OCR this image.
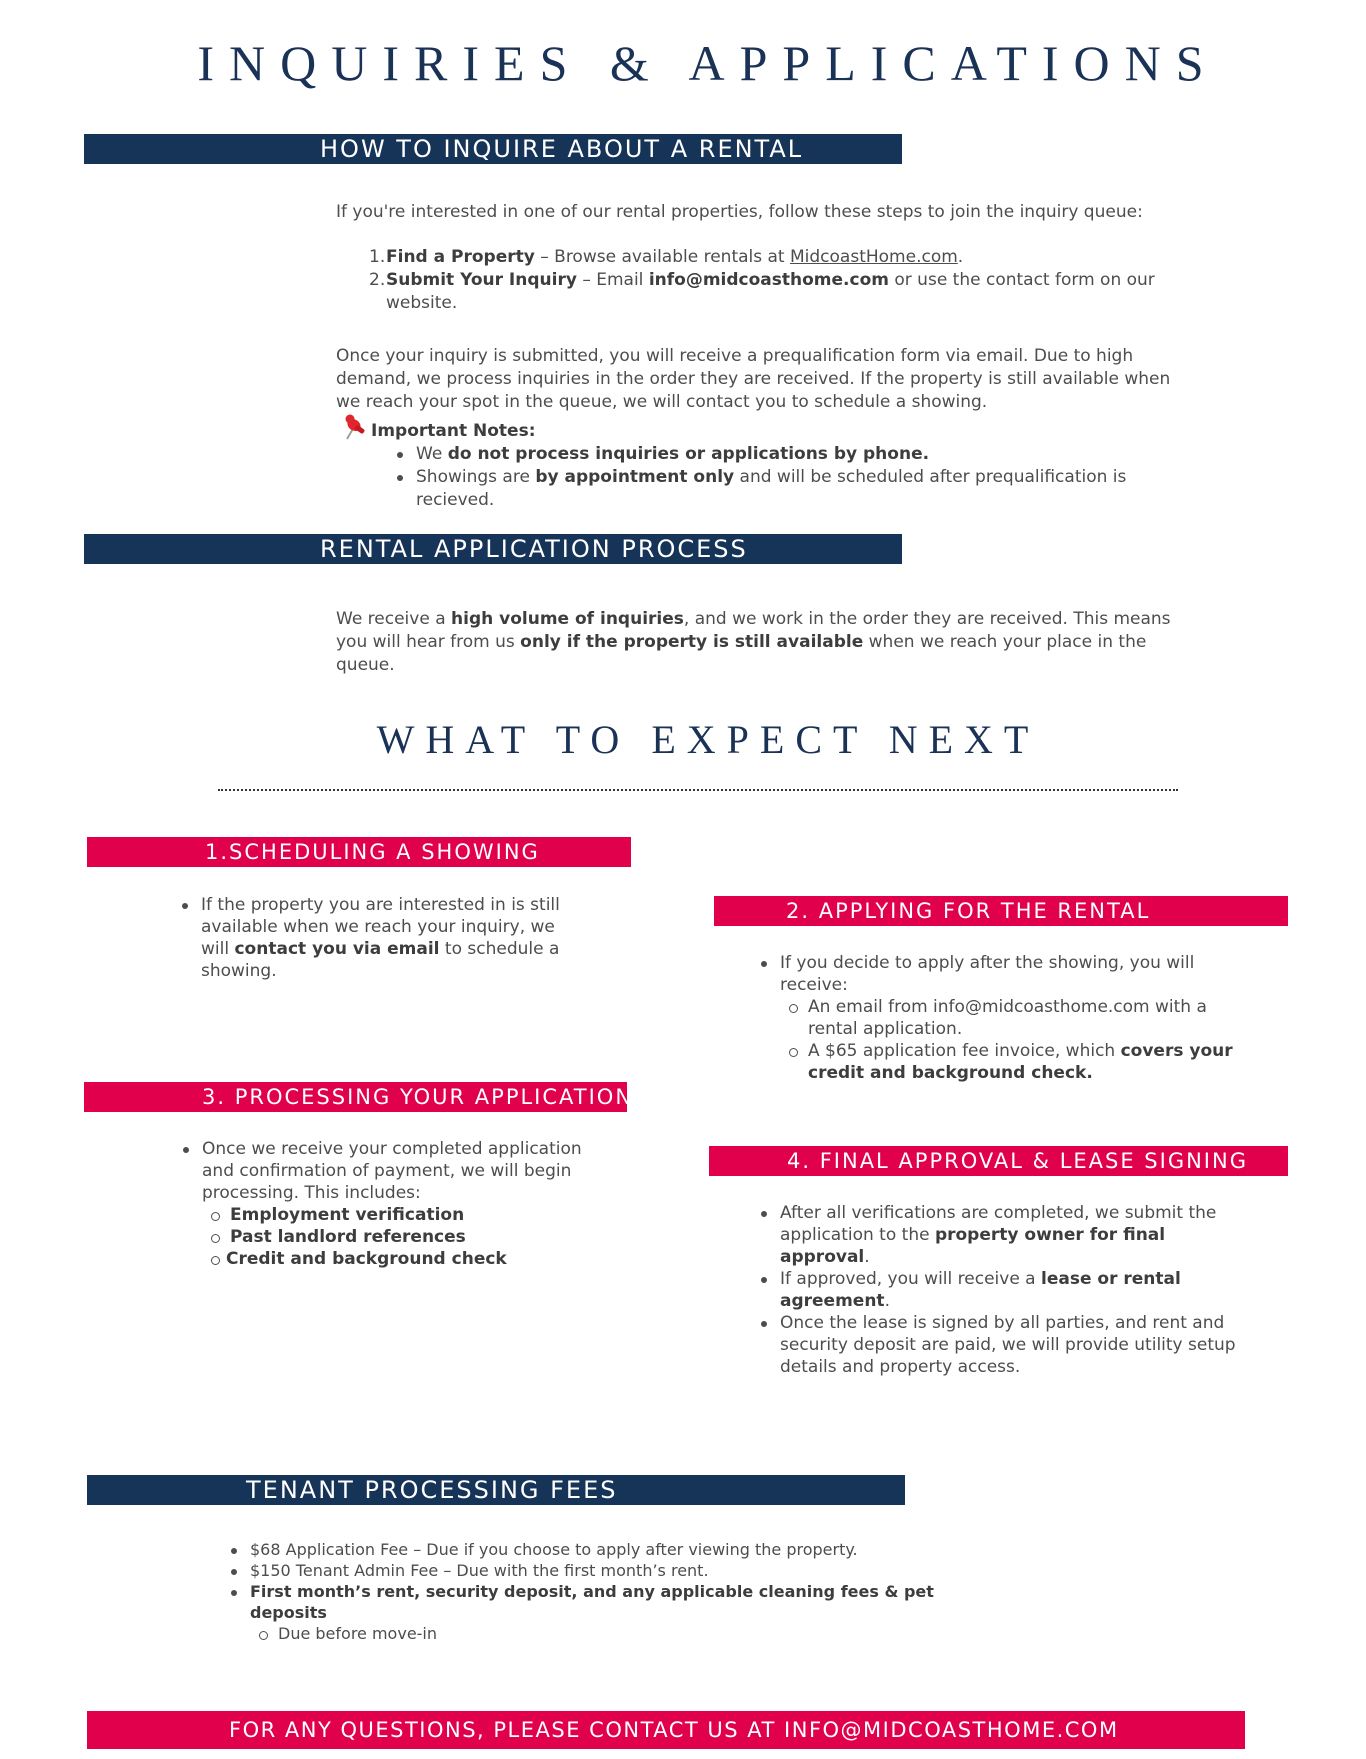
INQUIRIES & APPLICATIONS
HOW TO INQUIRE ABOUT A RENTAL

If you're interested in one of our rental properties, follow these steps to join the inquiry queue:

1. Find a Property – Browse available rentals at MidcoastHome.com.
2. Submit Your Inquiry – Email info@midcoasthome.com or use the contact form on our website.

Once your inquiry is submitted, you will receive a prequalification form via email. Due to high demand, we process inquiries in the order they are received. If the property is still available when we reach your spot in the queue, we will contact you to schedule a showing.

Important Notes:

We do not process inquiries or applications by phone.
Showings are by appointment only and will be scheduled after prequalification is recieved.
RENTAL APPLICATION PROCESS
We receive a high volume of inquiries, and we work in the order they are received. This means you will hear from us only if the property is still available when we reach your place in the queue.
WHAT TO EXPECT NEXT
1.SCHEDULING A SHOWING
If the property you are interested in is still available when we reach your inquiry, we will contact you via email to schedule a showing.
2. APPLYING FOR THE RENTAL
If you decide to apply after the showing, you will receive:
An email from info@midcoasthome.com with a rental application.
A $65 application fee invoice, which covers your credit and background check.
3. PROCESSING YOUR APPLICATION
Once we receive your completed application and confirmation of payment, we will begin processing. This includes:
Employment verification
Past landlord references
Credit and background check
4. FINAL APPROVAL & LEASE SIGNING
After all verifications are completed, we submit the application to the property owner for final approval.
If approved, you will receive a lease or rental agreement.
Once the lease is signed by all parties, and rent and security deposit are paid, we will provide utility setup details and property access.
TENANT PROCESSING FEES
$68 Application Fee – Due if you choose to apply after viewing the property.
$150 Tenant Admin Fee – Due with the first month’s rent.
First month’s rent, security deposit, and any applicable cleaning fees & pet deposits
Due before move-in
FOR ANY QUESTIONS, PLEASE CONTACT US AT INFO@MIDCOASTHOME.COM
